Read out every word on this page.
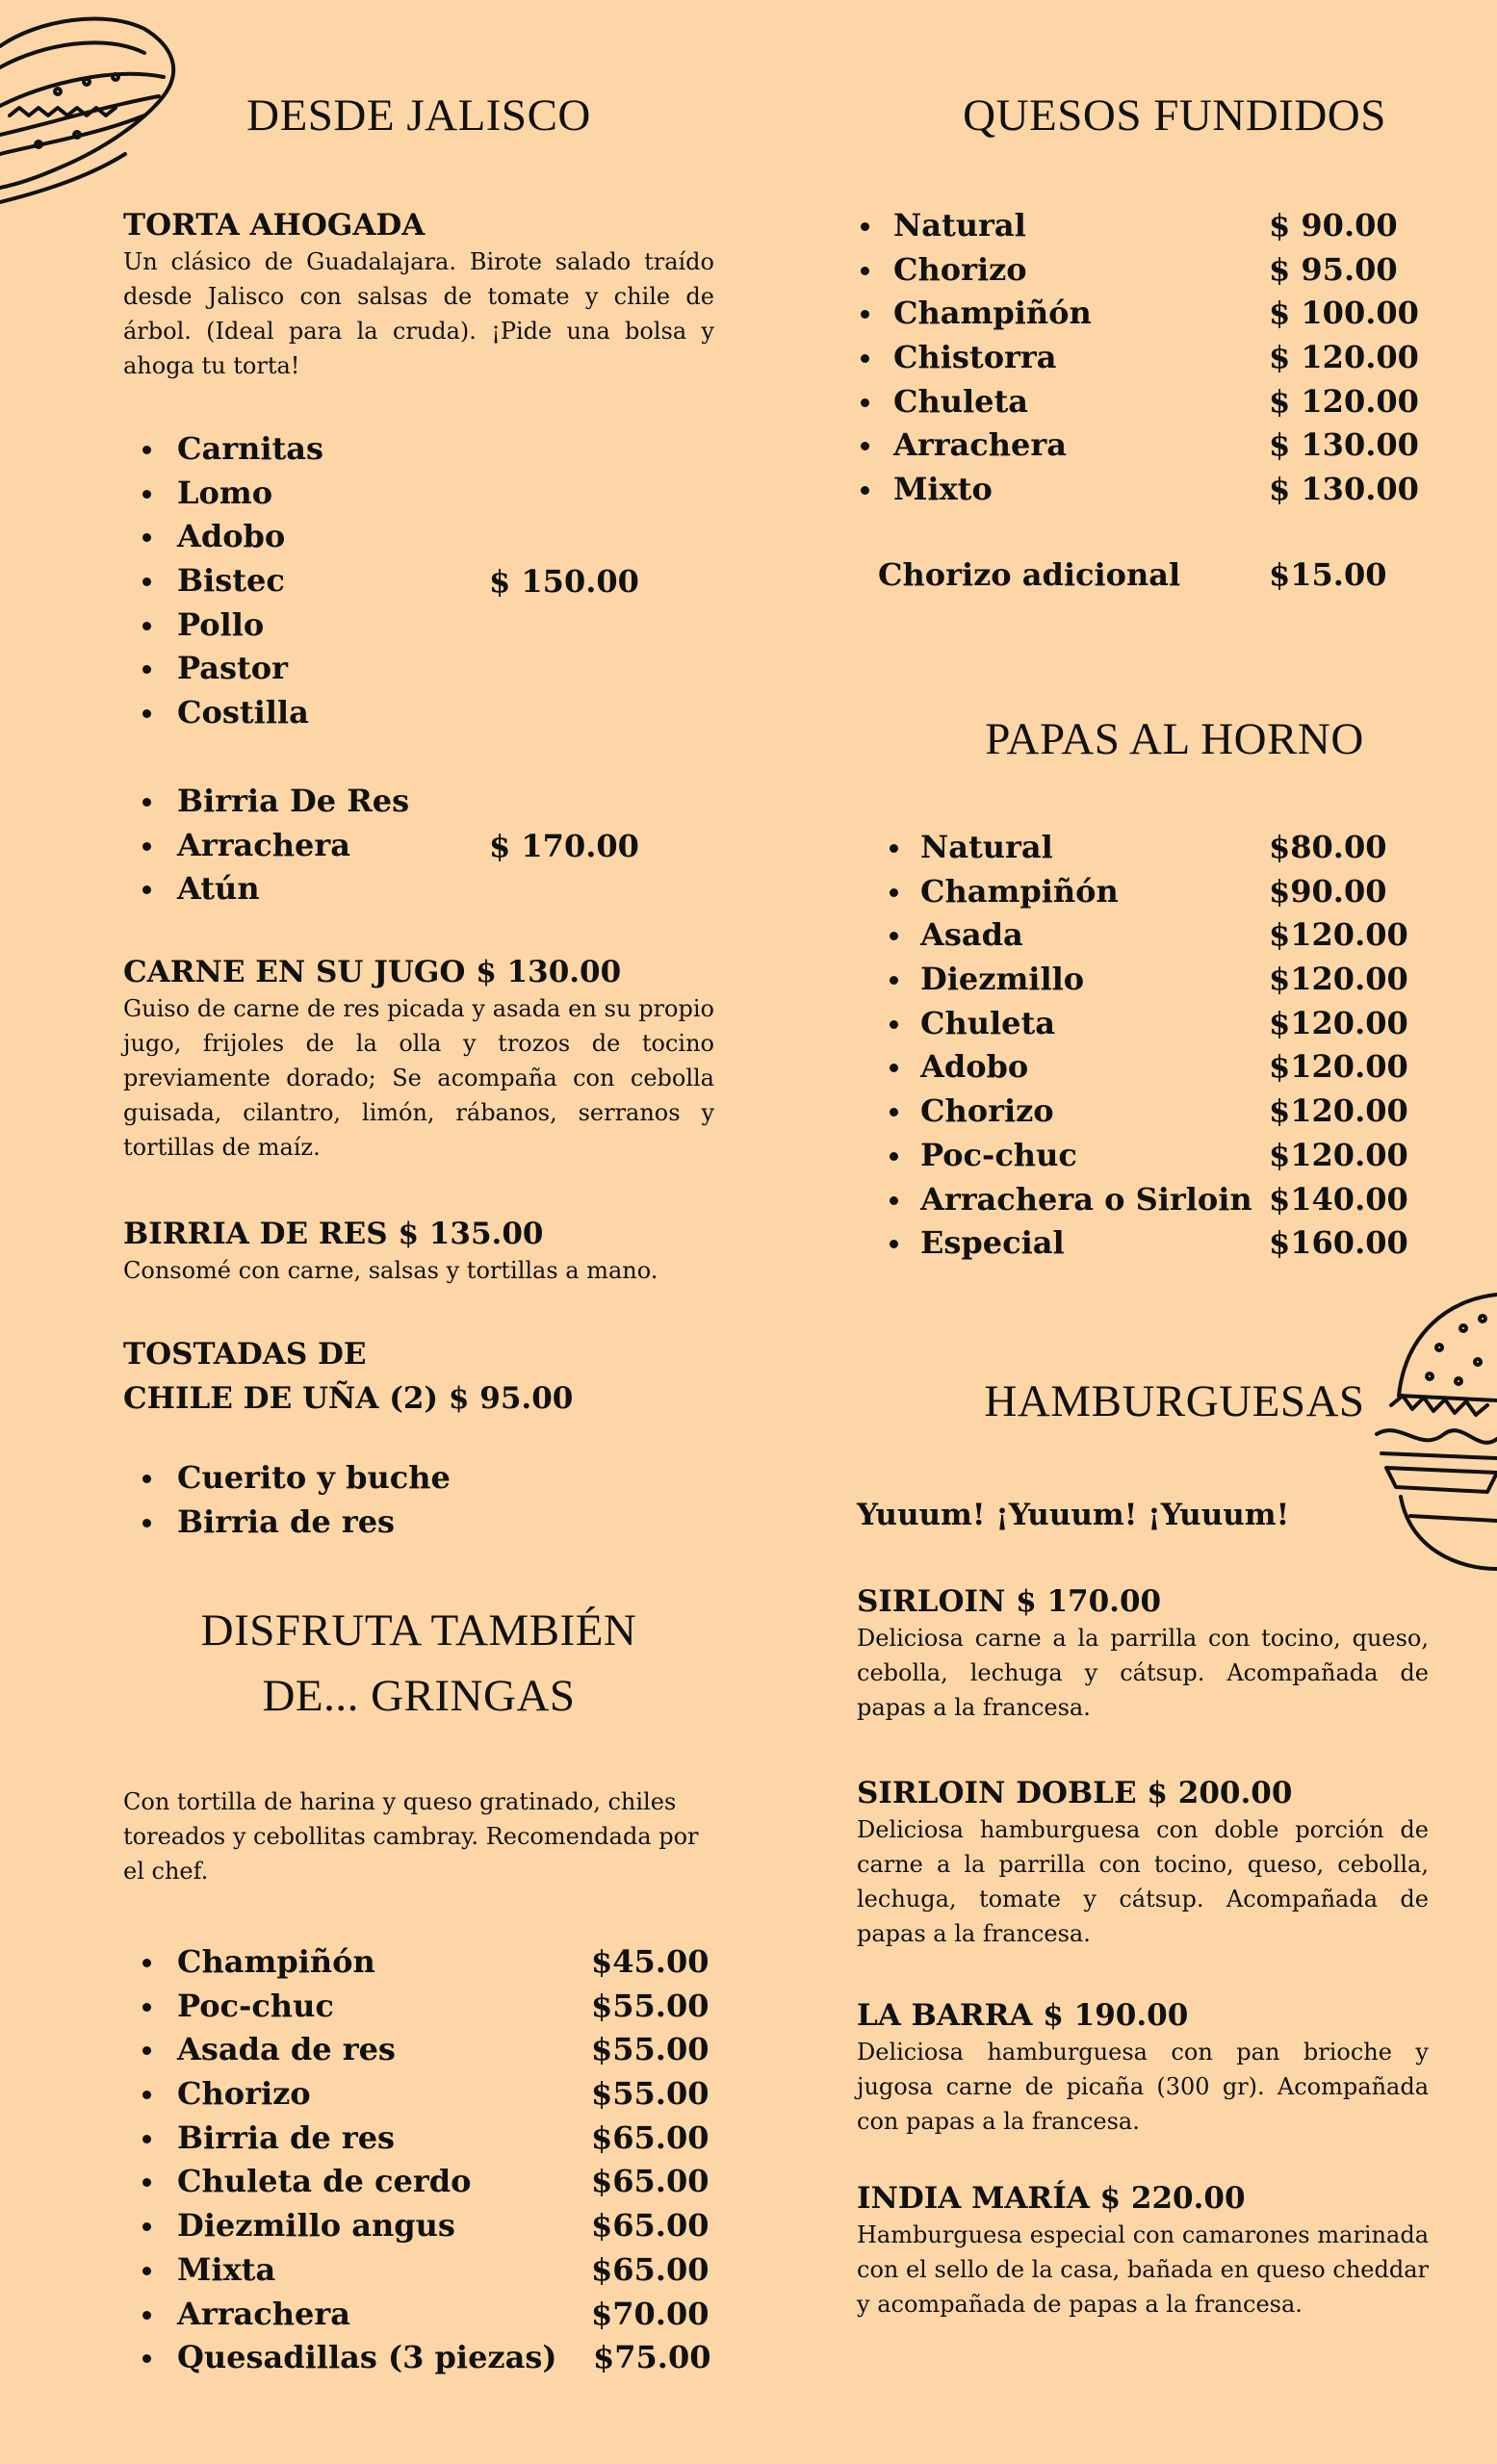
DESDE JALISCO

TORTA AHOGADA

Un clásico de Guadalajara. Birote salado traído desde Jalisco con salsas de tomate y chile de árbol. (Ideal para la cruda). ¡Pide una bolsa y ahoga tu torta!

Carnitas
Lomo
Adobo
Bistec
Pollo
Pastor
Costilla
$ 150.00
Birria De Res
Arrachera
Atún
$ 170.00

CARNE EN SU JUGO $ 130.00

Guiso de carne de res picada y asada en su propio jugo, frijoles de la olla y trozos de tocino previamente dorado; Se acompaña con cebolla guisada, cilantro, limón, rábanos, serranos y tortillas de maíz.

BIRRIA DE RES $ 135.00

Consomé con carne, salsas y tortillas a mano.

TOSTADAS DE

CHILE DE UÑA (2) $ 95.00

Cuerito y buche
Birria de res
DISFRUTA TAMBIÉN
DE... GRINGAS

Con tortilla de harina y queso gratinado, chiles toreados y cebollitas cambray. Recomendada por el chef.

Champiñón	$45.00
Poc-chuc	$55.00
Asada de res	$55.00
Chorizo	$55.00
Birria de res	$65.00
Chuleta de cerdo	$65.00
Diezmillo angus	$65.00
Mixta	$65.00
Arrachera	$70.00
Quesadillas (3 piezas) $75.00
QUESOS FUNDIDOS
Natural	$ 90.00
Chorizo	$ 95.00
Champiñón	$ 100.00
Chistorra	$ 120.00
Chuleta	$ 120.00
Arrachera	$ 130.00
Mixto	$ 130.00
Chorizo adicional	$15.00
PAPAS AL HORNO
Natural	$80.00
Champiñón	$90.00
Asada	$120.00
Diezmillo	$120.00
Chuleta	$120.00
Adobo	$120.00
Chorizo	$120.00
Poc-chuc	$120.00
Arrachera o Sirloin $140.00
Especial	$160.00
HAMBURGUESAS

Yuuum! ¡Yuuum! ¡Yuuum!

SIRLOIN $ 170.00

Deliciosa carne a la parrilla con tocino, queso, cebolla, lechuga y cátsup. Acompañada de papas a la francesa.

SIRLOIN DOBLE $ 200.00

Deliciosa hamburguesa con doble porción de carne a la parrilla con tocino, queso, cebolla, lechuga, tomate y cátsup. Acompañada de papas a la francesa.

LA BARRA $ 190.00

Deliciosa hamburguesa con pan brioche y jugosa carne de picaña (300 gr). Acompañada con papas a la francesa.

INDIA MARÍA $ 220.00

Hamburguesa especial con camarones marinada con el sello de la casa, bañada en queso cheddar y acompañada de papas a la francesa.
